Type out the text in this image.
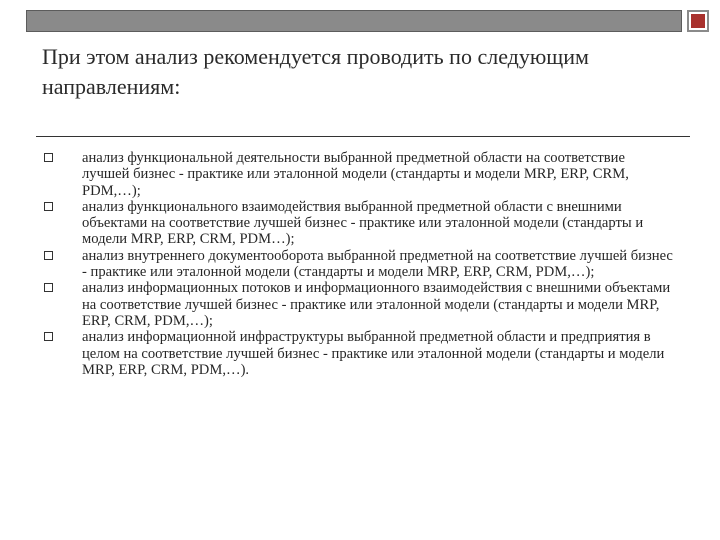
При этом анализ рекомендуется проводить по следующим направлениям:
анализ функциональной деятельности выбранной предметной области на соответствие лучшей бизнес - практике или эталонной модели (стандарты и модели MRP, ERP, CRM, PDM,…);
анализ функционального взаимодействия выбранной предметной области с внешними объектами на соответствие лучшей бизнес - практике или эталонной модели (стандарты и модели MRP, ERP, CRM, PDM…);
анализ внутреннего документооборота выбранной предметной на соответствие лучшей бизнес - практике или эталонной модели (стандарты и модели MRP, ERP, CRM, PDM,…);
анализ информационных потоков и информационного взаимодействия с внешними объектами на соответствие лучшей бизнес - практике или эталонной модели (стандарты и модели MRP, ERP, CRM, PDM,…);
анализ информационной инфраструктуры выбранной предметной области и предприятия в целом на соответствие лучшей бизнес - практике или эталонной модели (стандарты и модели MRP, ERP, CRM, PDM,…).
